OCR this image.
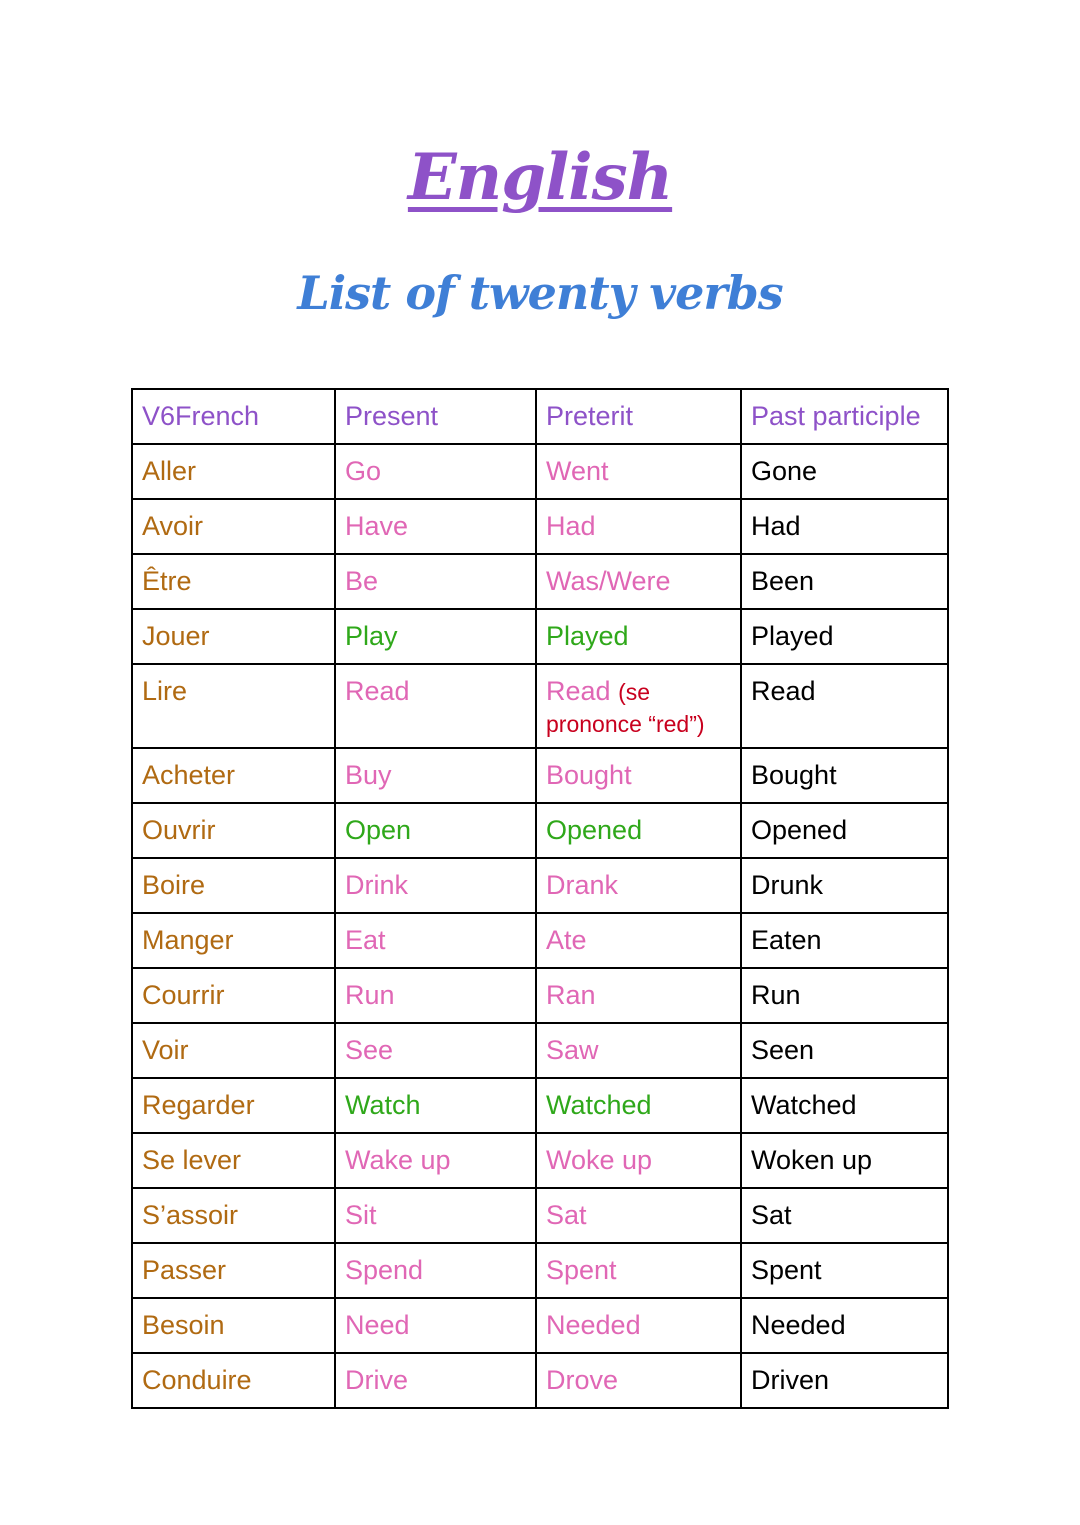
English
List of twenty verbs
V6French	Present	Preterit	Past participle
Aller	Go	Went	Gone
Avoir	Have	Had	Had
Être	Be	Was/Were	Been
Jouer	Play	Played	Played
Lire	Read	Read (se prononce “red”)	Read
Acheter	Buy	Bought	Bought
Ouvrir	Open	Opened	Opened
Boire	Drink	Drank	Drunk
Manger	Eat	Ate	Eaten
Courrir	Run	Ran	Run
Voir	See	Saw	Seen
Regarder	Watch	Watched	Watched
Se lever	Wake up	Woke up	Woken up
S’assoir	Sit	Sat	Sat
Passer	Spend	Spent	Spent
Besoin	Need	Needed	Needed
Conduire	Drive	Drove	Driven
